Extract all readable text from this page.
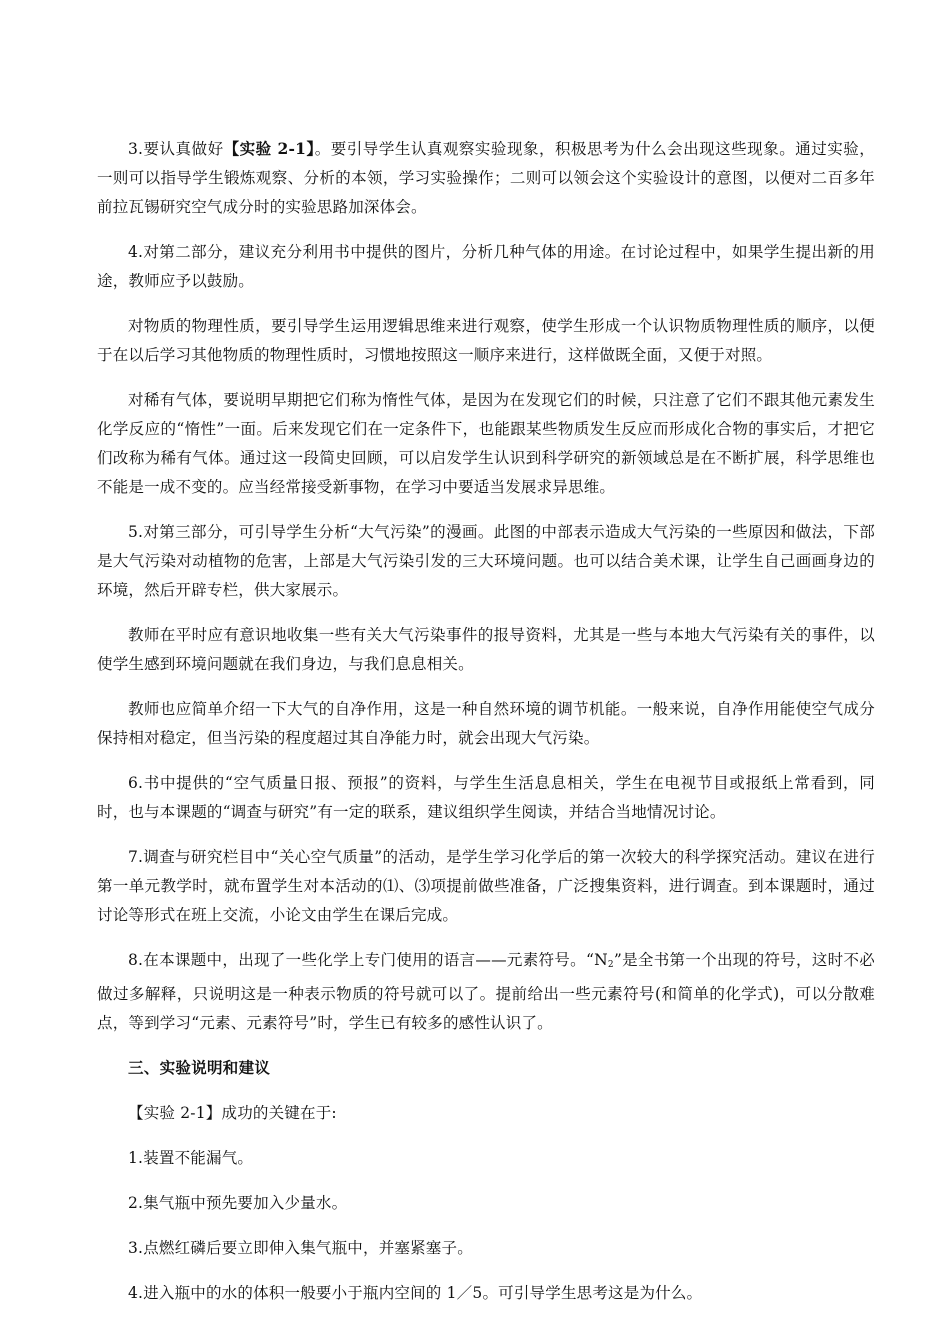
3.要认真做好【实验 2-1】。要引导学生认真观察实验现象，积极思考为什么会出现这些现象。通过实验，一则可以指导学生锻炼观察、分析的本领，学习实验操作；二则可以领会这个实验设计的意图，以便对二百多年前拉瓦锡研究空气成分时的实验思路加深体会。

4.对第二部分，建议充分利用书中提供的图片，分析几种气体的用途。在讨论过程中，如果学生提出新的用途，教师应予以鼓励。

对物质的物理性质，要引导学生运用逻辑思维来进行观察，使学生形成一个认识物质物理性质的顺序，以便于在以后学习其他物质的物理性质时，习惯地按照这一顺序来进行，这样做既全面，又便于对照。

对稀有气体，要说明早期把它们称为惰性气体，是因为在发现它们的时候，只注意了它们不跟其他元素发生化学反应的“惰性”一面。后来发现它们在一定条件下，也能跟某些物质发生反应而形成化合物的事实后，才把它们改称为稀有气体。通过这一段简史回顾，可以启发学生认识到科学研究的新领域总是在不断扩展，科学思维也不能是一成不变的。应当经常接受新事物，在学习中要适当发展求异思维。

5.对第三部分，可引导学生分析“大气污染”的漫画。此图的中部表示造成大气污染的一些原因和做法，下部是大气污染对动植物的危害，上部是大气污染引发的三大环境问题。也可以结合美术课，让学生自己画画身边的环境，然后开辟专栏，供大家展示。

教师在平时应有意识地收集一些有关大气污染事件的报导资料，尤其是一些与本地大气污染有关的事件，以使学生感到环境问题就在我们身边，与我们息息相关。

教师也应简单介绍一下大气的自净作用，这是一种自然环境的调节机能。一般来说，自净作用能使空气成分保持相对稳定，但当污染的程度超过其自净能力时，就会出现大气污染。

6.书中提供的“空气质量日报、预报”的资料，与学生生活息息相关，学生在电视节目或报纸上常看到，同时，也与本课题的“调查与研究”有一定的联系，建议组织学生阅读，并结合当地情况讨论。

7.调查与研究栏目中“关心空气质量”的活动，是学生学习化学后的第一次较大的科学探究活动。建议在进行第一单元教学时，就布置学生对本活动的⑴、⑶项提前做些准备，广泛搜集资料，进行调查。到本课题时，通过讨论等形式在班上交流，小论文由学生在课后完成。

8.在本课题中，出现了一些化学上专门使用的语言——元素符号。“$N_2$”是全书第一个出现的符号，这时不必做过多解释，只说明这是一种表示物质的符号就可以了。提前给出一些元素符号(和简单的化学式)，可以分散难点，等到学习“元素、元素符号”时，学生已有较多的感性认识了。

三、实验说明和建议

【实验 2-1】成功的关键在于:

1.装置不能漏气。

2.集气瓶中预先要加入少量水。

3.点燃红磷后要立即伸入集气瓶中，并塞紧塞子。

4.进入瓶中的水的体积一般要小于瓶内空间的 1／5。可引导学生思考这是为什么。
